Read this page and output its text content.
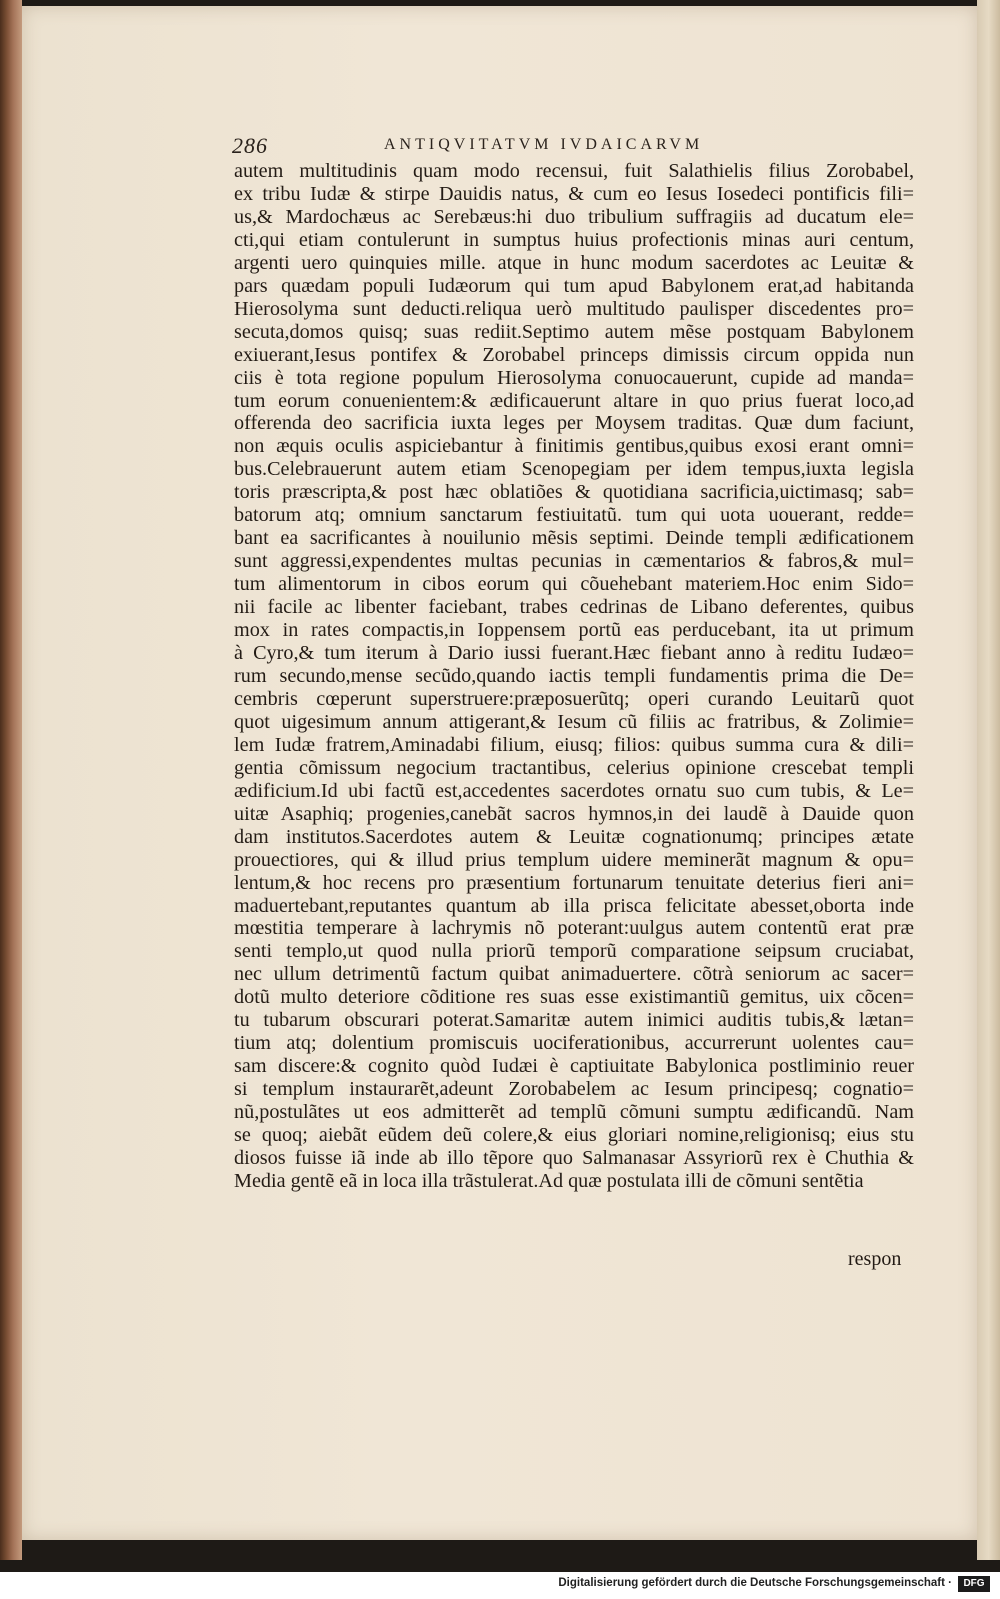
286	ANTIQVITATVM IVDAICARVM
autem multitudinis quam modo recensui, fuit Salathielis filius Zorobabel,
ex tribu Iudæ & stirpe Dauidis natus, & cum eo Iesus Iosedeci pontificis fili=
us,& Mardochæus ac Serebæus:hi duo tribulium suffragiis ad ducatum ele=
cti,qui etiam contulerunt in sumptus huius profectionis minas auri centum,
argenti uero quinquies mille. atque in hunc modum sacerdotes ac Leuitæ &
pars quædam populi Iudæorum qui tum apud Babylonem erat,ad habitanda
Hierosolyma sunt deducti.reliqua uerò multitudo paulisper discedentes pro=
secuta,domos quisq; suas rediit.Septimo autem mẽse postquam Babylonem
exiuerant,Iesus pontifex & Zorobabel princeps dimissis circum oppida nun
ciis è tota regione populum Hierosolyma conuocauerunt, cupide ad manda=
tum eorum conuenientem:& ædificauerunt altare in quo prius fuerat loco,ad
offerenda deo sacrificia iuxta leges per Moysem traditas. Quæ dum faciunt,
non æquis oculis aspiciebantur à finitimis gentibus,quibus exosi erant omni=
bus.Celebrauerunt autem etiam Scenopegiam per idem tempus,iuxta legisla
toris præscripta,& post hæc oblatiões & quotidiana sacrificia,uictimasq; sab=
batorum atq; omnium sanctarum festiuitatũ. tum qui uota uouerant, redde=
bant ea sacrificantes à nouilunio mẽsis septimi. Deinde templi ædificationem
sunt aggressi,expendentes multas pecunias in cæmentarios & fabros,& mul=
tum alimentorum in cibos eorum qui cõuehebant materiem.Hoc enim Sido=
nii facile ac libenter faciebant, trabes cedrinas de Libano deferentes, quibus
mox in rates compactis,in Ioppensem portũ eas perducebant, ita ut primum
à Cyro,& tum iterum à Dario iussi fuerant.Hæc fiebant anno à reditu Iudæo=
rum secundo,mense secũdo,quando iactis templi fundamentis prima die De=
cembris cœperunt superstruere:præposuerũtq; operi curando Leuitarũ quot
quot uigesimum annum attigerant,& Iesum cũ filiis ac fratribus, & Zolimie=
lem Iudæ fratrem,Aminadabi filium, eiusq; filios: quibus summa cura & dili=
gentia cõmissum negocium tractantibus, celerius opinione crescebat templi
ædificium.Id ubi factũ est,accedentes sacerdotes ornatu suo cum tubis, & Le=
uitæ Asaphiq; progenies,canebãt sacros hymnos,in dei laudẽ à Dauide quon
dam institutos.Sacerdotes autem & Leuitæ cognationumq; principes ætate
prouectiores, qui & illud prius templum uidere meminerãt magnum & opu=
lentum,& hoc recens pro præsentium fortunarum tenuitate deterius fieri ani=
maduertebant,reputantes quantum ab illa prisca felicitate abesset,oborta inde
mœstitia temperare à lachrymis nõ poterant:uulgus autem contentũ erat præ
senti templo,ut quod nulla priorũ temporũ comparatione seipsum cruciabat,
nec ullum detrimentũ factum quibat animaduertere. cõtrà seniorum ac sacer=
dotũ multo deteriore cõditione res suas esse existimantiũ gemitus, uix cõcen=
tu tubarum obscurari poterat.Samaritæ autem inimici auditis tubis,& lætan=
tium atq; dolentium promiscuis uociferationibus, accurrerunt uolentes cau=
sam discere:& cognito quòd Iudæi è captiuitate Babylonica postliminio reuer
si templum instaurarẽt,adeunt Zorobabelem ac Iesum principesq; cognatio=
nũ,postulãtes ut eos admitterẽt ad templũ cõmuni sumptu ædificandũ. Nam
se quoq; aiebãt eũdem deũ colere,& eius gloriari nomine,religionisq; eius stu
diosos fuisse iã inde ab illo tẽpore quo Salmanasar Assyriorũ rex è Chuthia &
Media gentẽ eã in loca illa trãstulerat.Ad quæ postulata illi de cõmuni sentẽtia
respon
Digitalisierung gefördert durch die Deutsche Forschungsgemeinschaft ·	DFG
